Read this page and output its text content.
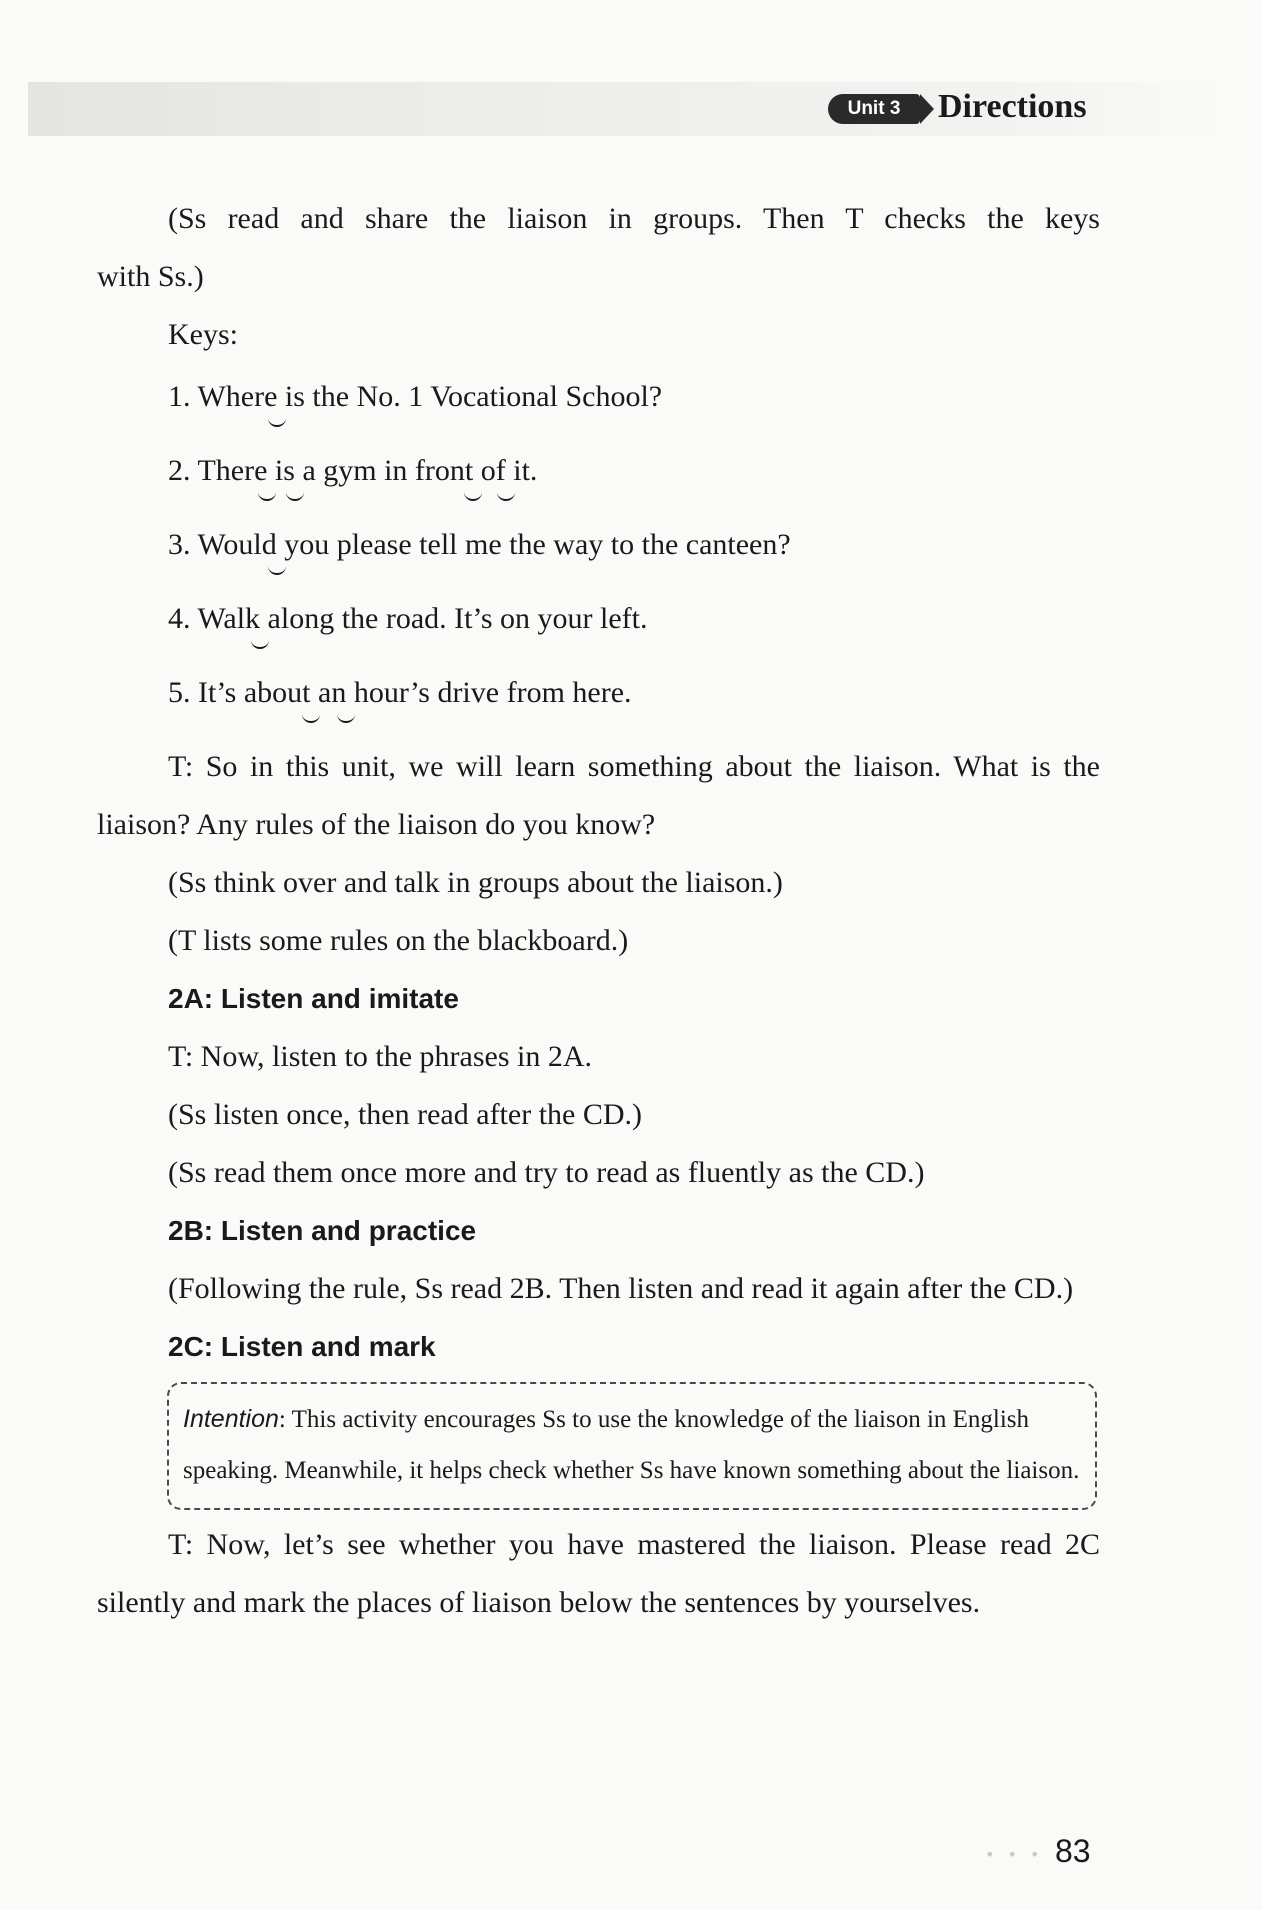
Unit 3	Directions

(Ss read and share the liaison in groups. Then T checks the keys

with Ss.)

Keys:

1. Where is the No. 1 Vocational School?

2. There is a gym in front of it.

3. Would you please tell me the way to the canteen?

4. Walk along the road. It’s on your left.

5. It’s about an hour’s drive from here.

T: So in this unit, we will learn something about the liaison. What is the liaison? Any rules of the liaison do you know?

(Ss think over and talk in groups about the liaison.)

(T lists some rules on the blackboard.)

2A: Listen and imitate

T: Now, listen to the phrases in 2A.

(Ss listen once, then read after the CD.)

(Ss read them once more and try to read as fluently as the CD.)

2B: Listen and practice

(Following the rule, Ss read 2B. Then listen and read it again after the CD.)

2C: Listen and mark

Intention: This activity encourages Ss to use the knowledge of the liaison in English speaking. Meanwhile, it helps check whether Ss have known something about the liaison.

T: Now, let’s see whether you have mastered the liaison. Please read 2C silently and mark the places of liaison below the sentences by yourselves.

• • • 83
